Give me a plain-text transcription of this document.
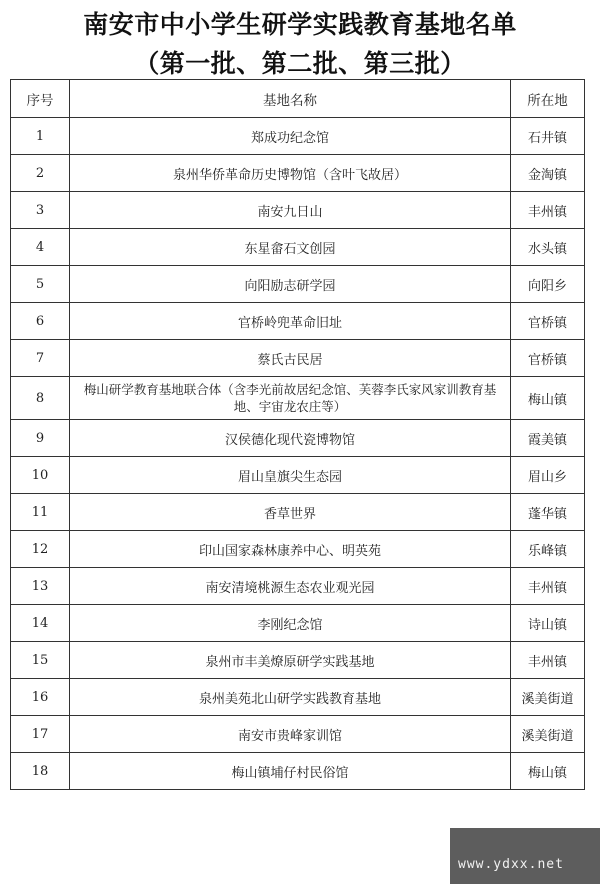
南安市中小学生研学实践教育基地名单
（第一批、第二批、第三批）
序号	基地名称	所在地
1	郑成功纪念馆	石井镇
2	泉州华侨革命历史博物馆（含叶飞故居）	金淘镇
3	南安九日山	丰州镇
4	东星畲石文创园	水头镇
5	向阳励志研学园	向阳乡
6	官桥岭兜革命旧址	官桥镇
7	蔡氏古民居	官桥镇
8	梅山研学教育基地联合体（含李光前故居纪念馆、芙蓉李氏家风家训教育基地、宇宙龙农庄等）	梅山镇
9	汉侯德化现代瓷博物馆	霞美镇
10	眉山皇旗尖生态园	眉山乡
11	香草世界	蓬华镇
12	印山国家森林康养中心、明英苑	乐峰镇
13	南安清境桃源生态农业观光园	丰州镇
14	李刚纪念馆	诗山镇
15	泉州市丰美燎原研学实践基地	丰州镇
16	泉州美苑北山研学实践教育基地	溪美街道
17	南安市贵峰家训馆	溪美街道
18	梅山镇埔仔村民俗馆	梅山镇
www.ydxx.net
